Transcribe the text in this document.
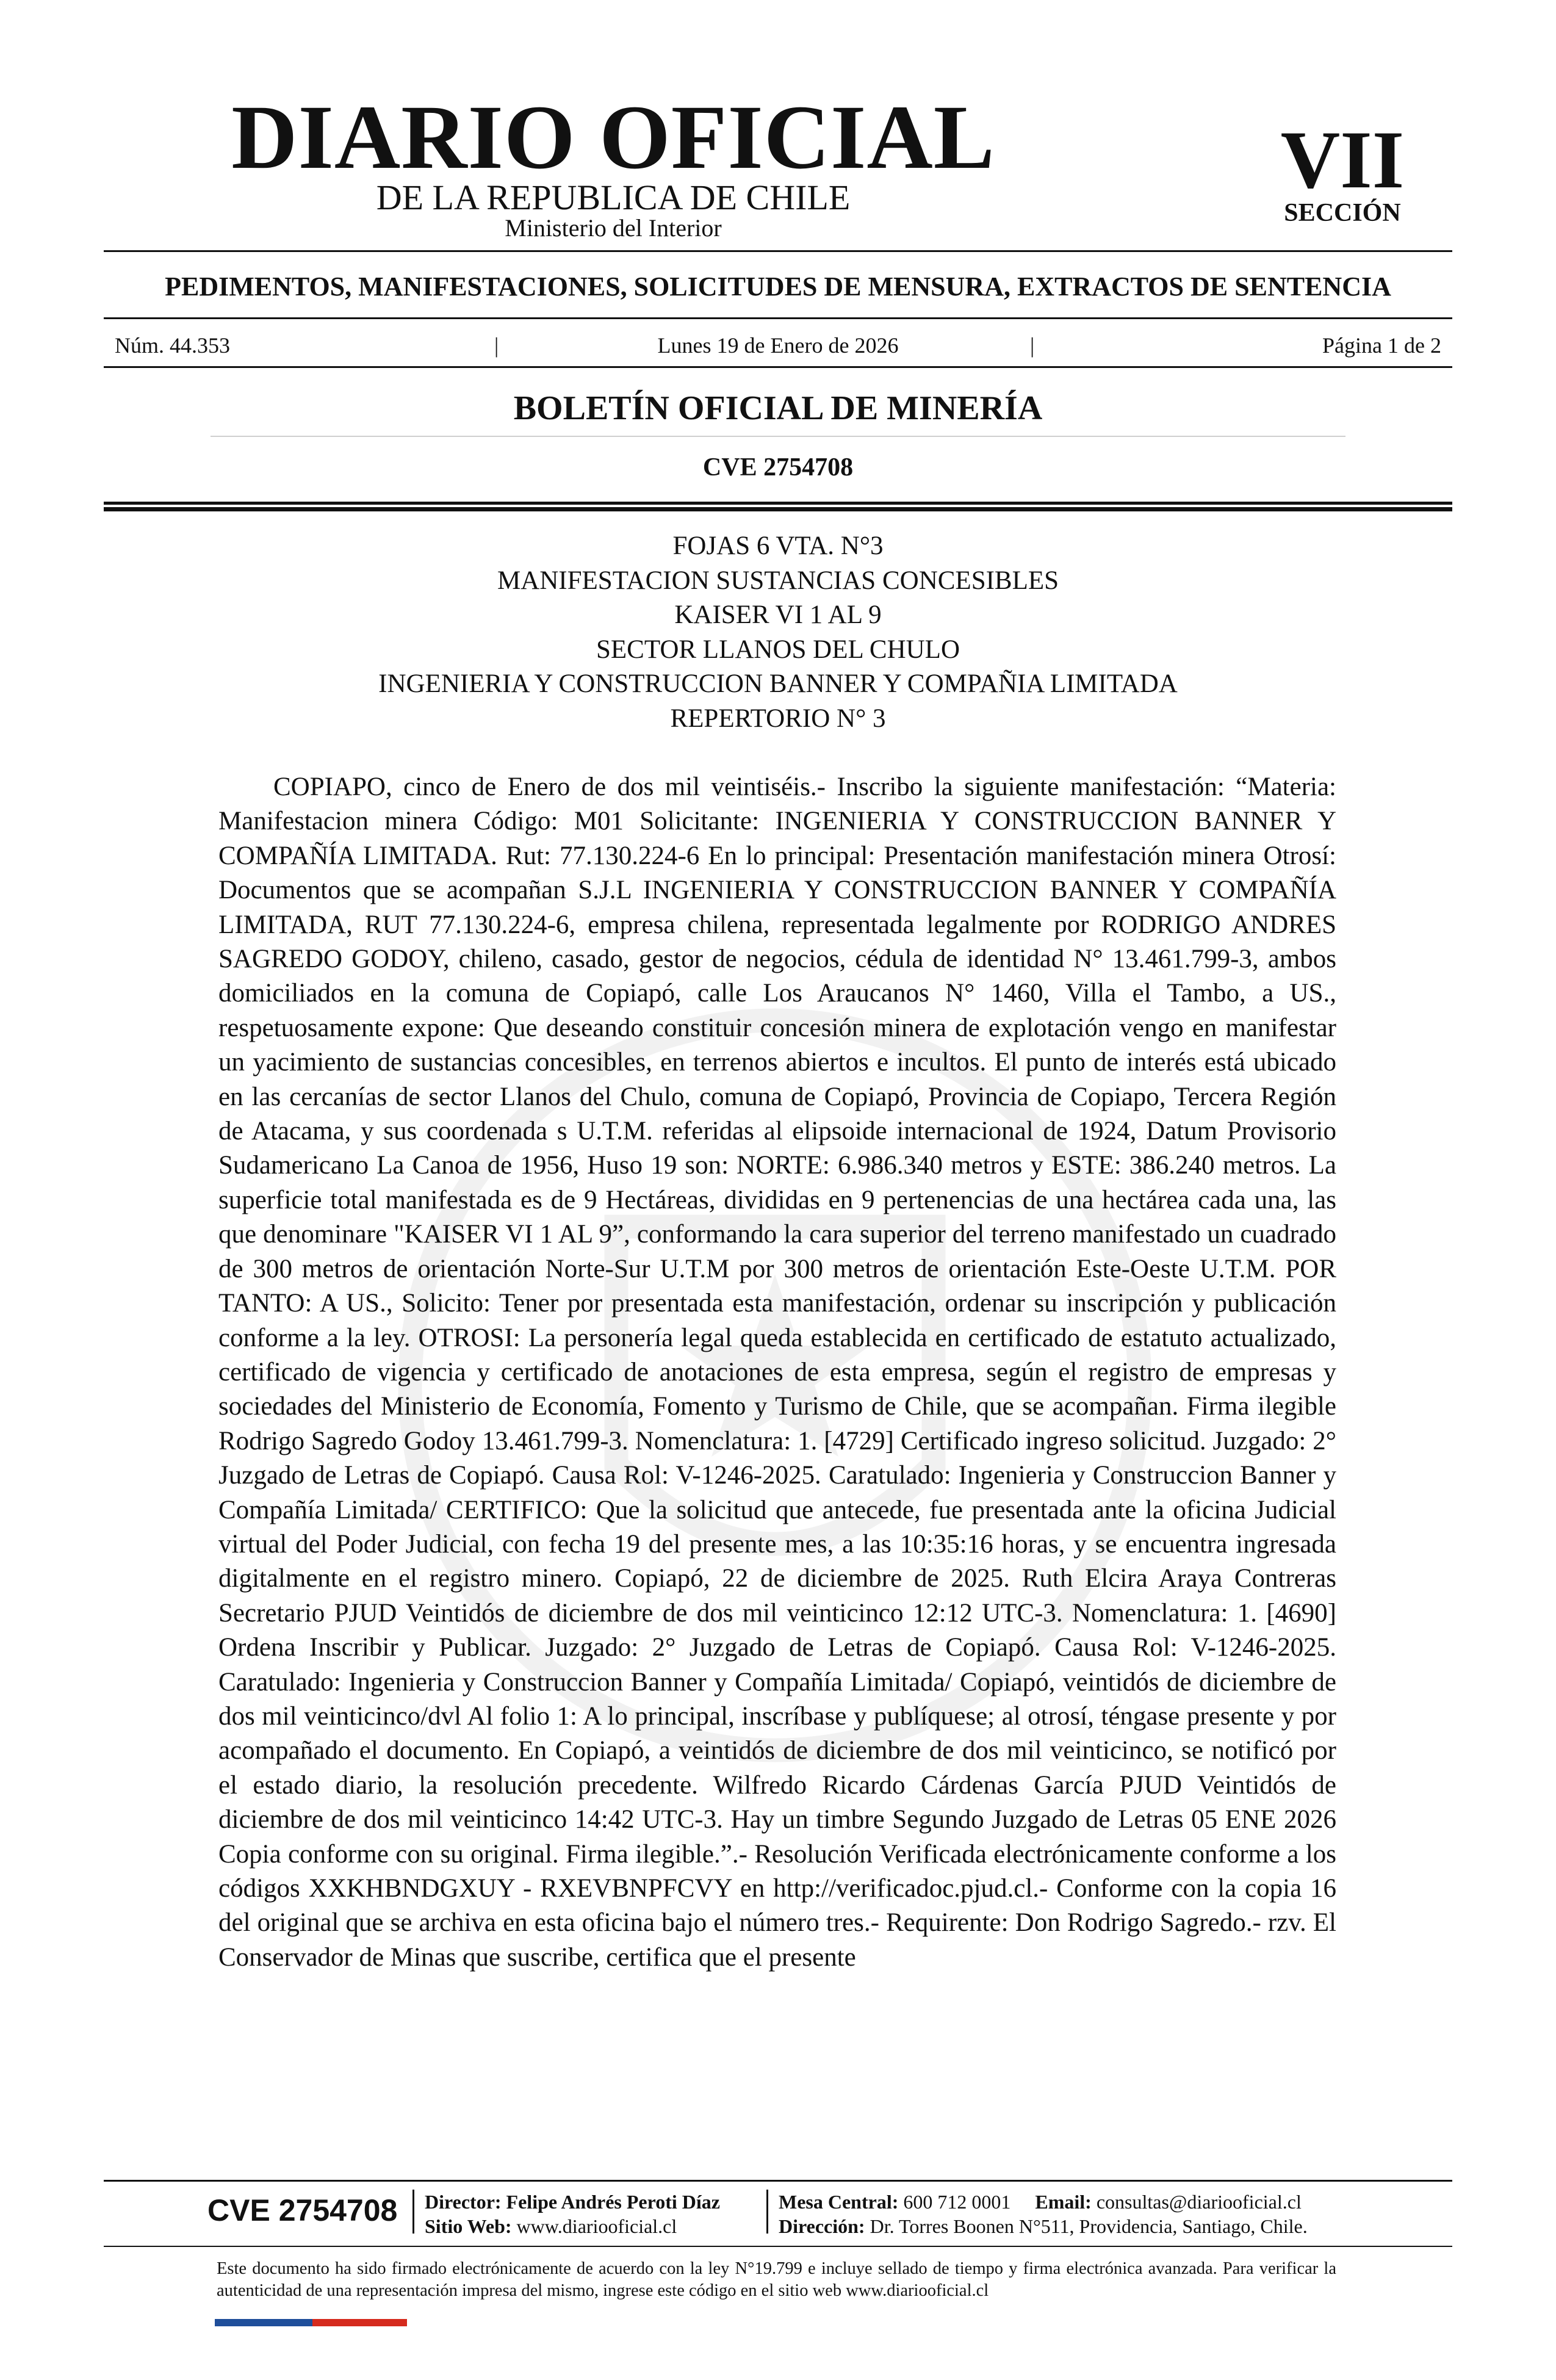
DIARIO OFICIAL
DE LA REPUBLICA DE CHILE
Ministerio del Interior
VII
SECCIÓN
PEDIMENTOS, MANIFESTACIONES, SOLICITUDES DE MENSURA, EXTRACTOS DE SENTENCIA
Núm. 44.353	|	Lunes 19 de Enero de 2026	|	Página 1 de 2
BOLETÍN OFICIAL DE MINERÍA
CVE 2754708
FOJAS 6 VTA. N°3
MANIFESTACION SUSTANCIAS CONCESIBLES
KAISER VI 1 AL 9
SECTOR LLANOS DEL CHULO
INGENIERIA Y CONSTRUCCION BANNER Y COMPAÑIA LIMITADA
REPERTORIO N° 3

COPIAPO, cinco de Enero de dos mil veintiséis.- Inscribo la siguiente manifestación: “Materia: Manifestacion minera Código: M01 Solicitante: INGENIERIA Y CONSTRUCCION BANNER Y COMPAÑÍA LIMITADA. Rut: 77.130.224-6 En lo principal: Presentación manifestación minera Otrosí: Documentos que se acompañan S.J.L INGENIERIA Y CONSTRUCCION BANNER Y COMPAÑÍA LIMITADA, RUT 77.130.224-6, empresa chilena, representada legalmente por RODRIGO ANDRES SAGREDO GODOY, chileno, casado, gestor de negocios, cédula de identidad N° 13.461.799-3, ambos domiciliados en la comuna de Copiapó, calle Los Araucanos N° 1460, Villa el Tambo, a US., respetuosamente expone: Que deseando constituir concesión minera de explotación vengo en manifestar un yacimiento de sustancias concesibles, en terrenos abiertos e incultos. El punto de interés está ubicado en las cercanías de sector Llanos del Chulo, comuna de Copiapó, Provincia de Copiapo, Tercera Región de Atacama, y sus coordenada s U.T.M. referidas al elipsoide internacional de 1924, Datum Provisorio Sudamericano La Canoa de 1956, Huso 19 son: NORTE: 6.986.340 metros y ESTE: 386.240 metros. La superficie total manifestada es de 9 Hectáreas, divididas en 9 pertenencias de una hectárea cada una, las que denominare "KAISER VI 1 AL 9”, conformando la cara superior del terreno manifestado un cuadrado de 300 metros de orientación Norte-Sur U.T.M por 300 metros de orientación Este-Oeste U.T.M. POR TANTO: A US., Solicito: Tener por presentada esta manifestación, ordenar su inscripción y publicación conforme a la ley. OTROSI: La personería legal queda establecida en certificado de estatuto actualizado, certificado de vigencia y certificado de anotaciones de esta empresa, según el registro de empresas y sociedades del Ministerio de Economía, Fomento y Turismo de Chile, que se acompañan. Firma ilegible Rodrigo Sagredo Godoy 13.461.799-3. Nomenclatura: 1. [4729] Certificado ingreso solicitud. Juzgado: 2° Juzgado de Letras de Copiapó. Causa Rol: V-1246-2025. Caratulado: Ingenieria y Construccion Banner y Compañía Limitada/ CERTIFICO: Que la solicitud que antecede, fue presentada ante la oficina Judicial virtual del Poder Judicial, con fecha 19 del presente mes, a las 10:35:16 horas, y se encuentra ingresada digitalmente en el registro minero. Copiapó, 22 de diciembre de 2025. Ruth Elcira Araya Contreras Secretario PJUD Veintidós de diciembre de dos mil veinticinco 12:12 UTC-3. Nomenclatura: 1. [4690] Ordena Inscribir y Publicar. Juzgado: 2° Juzgado de Letras de Copiapó. Causa Rol: V-1246-2025. Caratulado: Ingenieria y Construccion Banner y Compañía Limitada/ Copiapó, veintidós de diciembre de dos mil veinticinco/dvl Al folio 1: A lo principal, inscríbase y publíquese; al otrosí, téngase presente y por acompañado el documento. En Copiapó, a veintidós de diciembre de dos mil veinticinco, se notificó por el estado diario, la resolución precedente. Wilfredo Ricardo Cárdenas García PJUD Veintidós de diciembre de dos mil veinticinco 14:42 UTC-3. Hay un timbre Segundo Juzgado de Letras 05 ENE 2026 Copia conforme con su original. Firma ilegible.”.- Resolución Verificada electrónicamente conforme a los códigos XXKHBNDGXUY - RXEVBNPFCVY en http://verificadoc.pjud.cl.- Conforme con la copia 16 del original que se archiva en esta oficina bajo el número tres.- Requirente: Don Rodrigo Sagredo.- rzv. El Conservador de Minas que suscribe, certifica que el presente

CVE 2754708 Director: Felipe Andrés Peroti Díaz
Sitio Web: www.diariooficial.cl
Mesa Central: 600 712 0001 Email: consultas@diariooficial.cl
Dirección: Dr. Torres Boonen N°511, Providencia, Santiago, Chile.
Este documento ha sido firmado electrónicamente de acuerdo con la ley N°19.799 e incluye sellado de tiempo y firma electrónica avanzada. Para verificar la autenticidad de una representación impresa del mismo, ingrese este código en el sitio web www.diariooficial.cl
